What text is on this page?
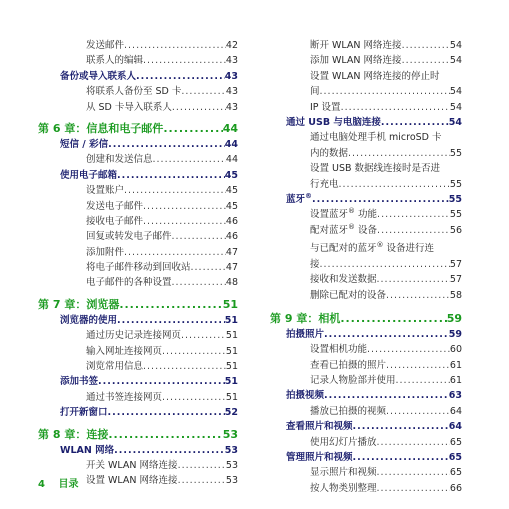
发送邮件 .....	42
联系人的编辑 .....	43
备份或导入联系人 .....	43
将联系人备份至 SD 卡 .....	43
从 SD 卡导入联系人 .....	43
第 6 章：信息和电子邮件 .....	44
短信 / 彩信 .....	44
创建和发送信息 .....	44
使用电子邮箱 .....	45
设置账户 .....	45
发送电子邮件 .....	45
接收电子邮件 .....	46
回复或转发电子邮件 .....	46
添加附件 .....	47
将电子邮件移动到回收站 .....	47
电子邮件的各种设置 .....	48
第 7 章：浏览器 .....	51
浏览器的使用 .....	51
通过历史记录连接网页 .....	51
输入网址连接网页 .....	51
浏览常用信息 .....	51
添加书签 .....	51
通过书签连接网页 .....	51
打开新窗口 .....	52
第 8 章：连接 .....	53
WLAN 网络 .....	53
开关 WLAN 网络连接 .....	53
设置 WLAN 网络连接 .....	53
断开 WLAN 网络连接 .....	54
添加 WLAN 网络连接 .....	54
设置 WLAN 网络连接的停止时
间 .....	54
IP 设置 .....	54
通过 USB 与电脑连接 .....	54
通过电脑处理手机 microSD 卡
内的数据 .....	55
设置 USB 数据线连接时是否进
行充电 .....	55
蓝牙® .....	55
设置蓝牙® 功能 .....	55
配对蓝牙® 设备 .....	56
与已配对的蓝牙® 设备进行连
接 .....	57
接收和发送数据 .....	57
删除已配对的设备 .....	58
第 9 章：相机 .....	59
拍摄照片 .....	59
设置相机功能 .....	60
查看已拍摄的照片 .....	61
记录人物脸部并使用 .....	61
拍摄视频 .....	63
播放已拍摄的视频 .....	64
查看照片和视频 .....	64
使用幻灯片播放 .....	65
管理照片和视频 .....	65
显示照片和视频 .....	65
按人物类别整理 .....	66
4 目录
